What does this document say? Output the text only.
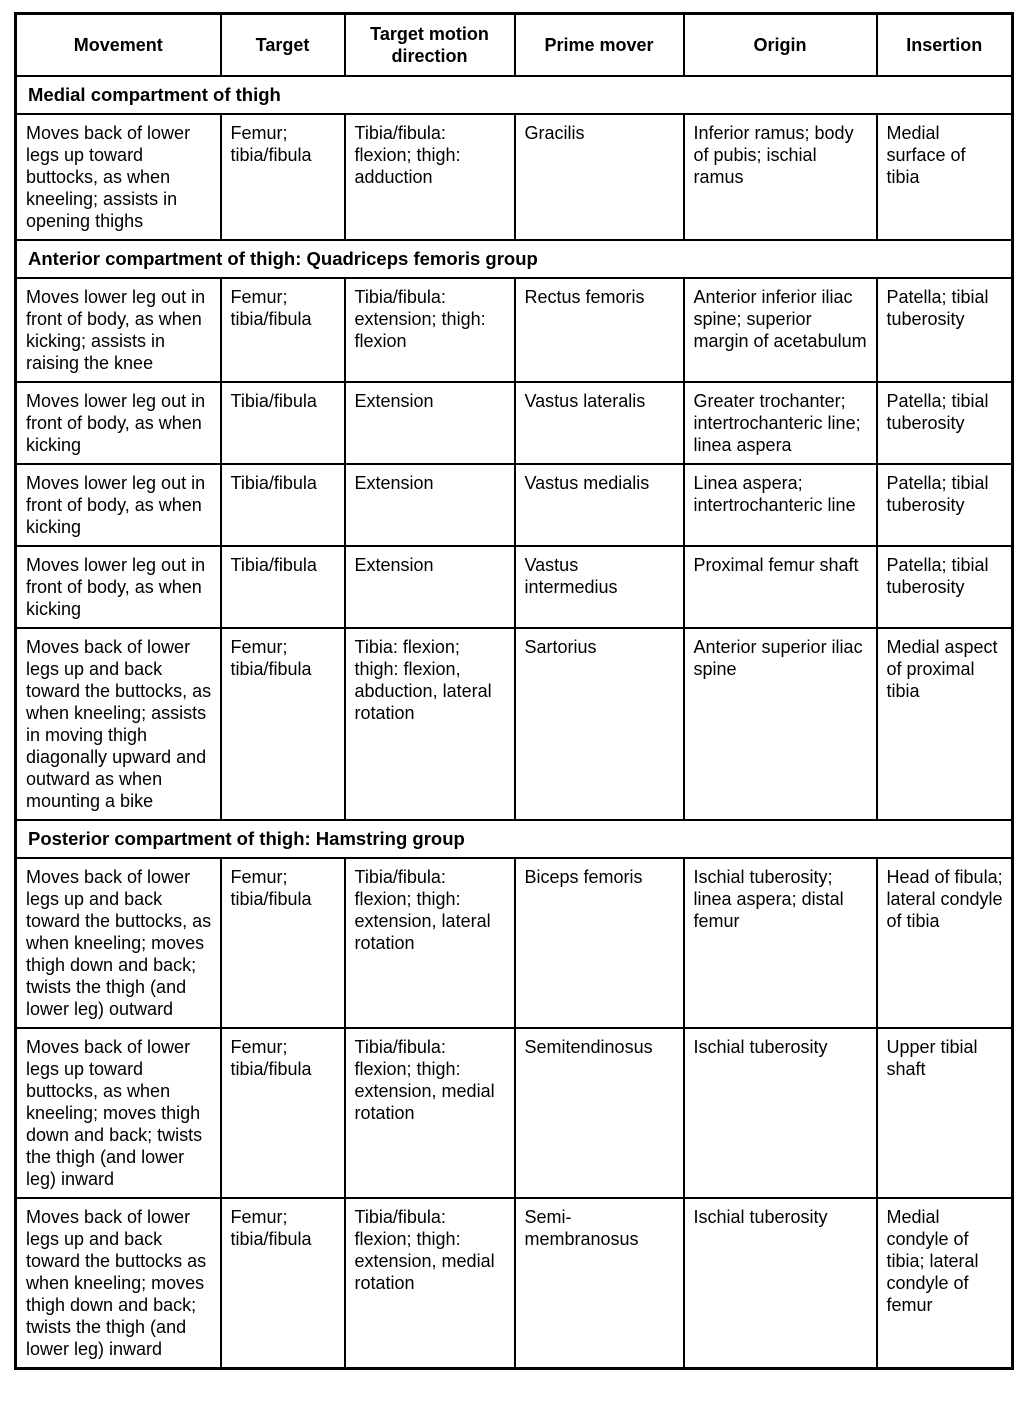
Movement	Target	Target motion direction	Prime mover	Origin	Insertion
Medial compartment of thigh					
Moves back of lower legs up toward buttocks, as when kneeling; assists in opening thighs	Femur; tibia/fibula	Tibia/fibula: flexion; thigh: adduction	Gracilis	Inferior ramus; body of pubis; ischial ramus	Medial surface of tibia
Anterior compartment of thigh: Quadriceps femoris group					
Moves lower leg out in front of body, as when kicking; assists in raising the knee	Femur; tibia/fibula	Tibia/fibula: extension; thigh: flexion	Rectus femoris	Anterior inferior iliac spine; superior margin of acetabulum	Patella; tibial tuberosity
Moves lower leg out in front of body, as when kicking	Tibia/fibula	Extension	Vastus lateralis	Greater trochanter; intertrochanteric line; linea aspera	Patella; tibial tuberosity
Moves lower leg out in front of body, as when kicking	Tibia/fibula	Extension	Vastus medialis	Linea aspera; intertrochanteric line	Patella; tibial tuberosity
Moves lower leg out in front of body, as when kicking	Tibia/fibula	Extension	Vastus intermedius	Proximal femur shaft	Patella; tibial tuberosity
Moves back of lower legs up and back toward the buttocks, as when kneeling; assists in moving thigh diagonally upward and outward as when mounting a bike	Femur; tibia/fibula	Tibia: flexion; thigh: flexion, abduction, lateral rotation	Sartorius	Anterior superior iliac spine	Medial aspect of proximal tibia
Posterior compartment of thigh: Hamstring group					
Moves back of lower legs up and back toward the buttocks, as when kneeling; moves thigh down and back; twists the thigh (and lower leg) outward	Femur; tibia/fibula	Tibia/fibula: flexion; thigh: extension, lateral rotation	Biceps femoris	Ischial tuberosity; linea aspera; distal femur	Head of fibula; lateral condyle of tibia
Moves back of lower legs up toward buttocks, as when kneeling; moves thigh down and back; twists the thigh (and lower leg) inward	Femur; tibia/fibula	Tibia/fibula: flexion; thigh: extension, medial rotation	Semitendinosus	Ischial tuberosity	Upper tibial shaft
Moves back of lower legs up and back toward the buttocks as when kneeling; moves thigh down and back; twists the thigh (and lower leg) inward	Femur; tibia/fibula	Tibia/fibula: flexion; thigh: extension, medial rotation	Semi-membranosus	Ischial tuberosity	Medial condyle of tibia; lateral condyle of femur
